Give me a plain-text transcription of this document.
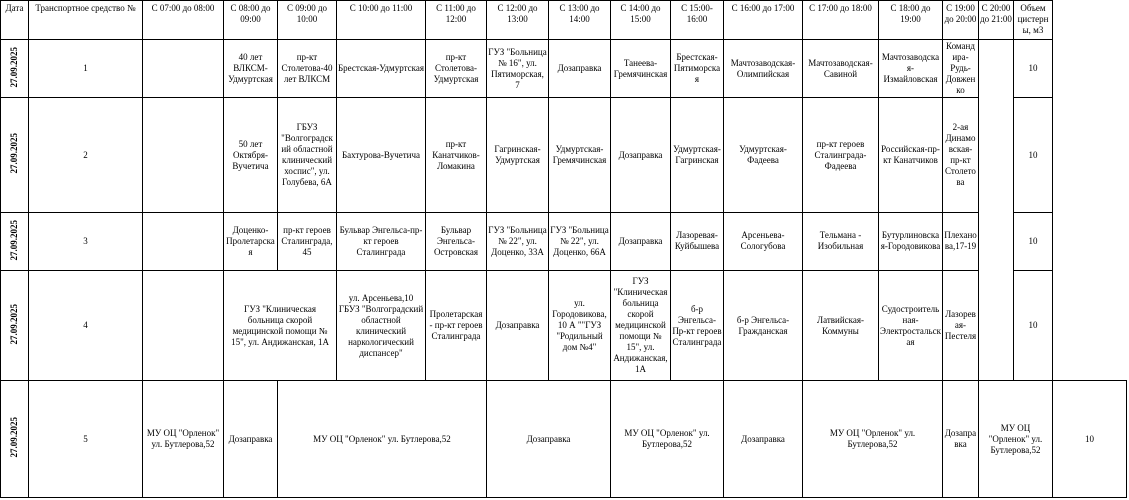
Дата	Транспортное средство №	С 07:00 до 08:00	С 08:00 до 09:00	С 09:00 до 10:00	С 10:00 до 11:00	С 11:00 до 12:00	С 12:00 до 13:00	С 13:00 до 14:00	С 14:00 до 15:00	С 15:00-16:00	С 16:00 до 17:00	С 17:00 до 18:00	С 18:00 до 19:00	С 19:00 до 20:00	С 20:00 до 21:00	Объем цистерны, м3	
27.09.2025	1		40 лет ВЛКСМ-Удмуртская	пр-кт Столетова-40 лет ВЛКСМ	Брестская-Удмуртская	пр-кт Столетова-Удмуртская	ГУЗ "Больница № 16", ул. Пятиморская, 7	Дозаправка	Танеева-Гремячинская	Брестская-Пятиморская	Мачтозаводская-Олимпийская	Мачтозаводская-Савиной	Мачтозаводская-Измайловская	Командира-Рудь-Довженко		10	
27.09.2025	2		50 лет Октября-Вучетича	ГБУЗ "Волгоградский областной клинический хоспис", ул. Голубева, 6А	Бахтурова-Вучетича	пр-кт Канатчиков-Ломакина	Гагринская-Удмуртская	Удмуртская-Гремячинская	Дозаправка	Удмуртская-Гагринская	Удмуртская-Фадеева	пр-кт героев Сталинграда-Фадеева	Российская-пр-кт Канатчиков	2-ая Динамовская-пр-кт Столетова		10	
27.09.2025	3		Доценко-Пролетарская	пр-кт героев Сталинграда, 45	Бульвар Энгельса-пр-кт героев Сталинграда	Бульвар Энгельса-Островская	ГУЗ "Больница № 22", ул. Доценко, 33А	ГУЗ "Больница № 22", ул. Доценко, 66А	Дозаправка	Лазоревая-Куйбышева	Арсеньева-Сологубова	Тельмана - Изобильная	Бутурлиновская-Городовикова	Плеханова,17-19		10	
27.09.2025	4		ГУЗ "Клиническая больница скорой медицинской помощи № 15", ул. Андижанская, 1А		ул. Арсеньева,10 ГБУЗ "Волгоградский областной клинический наркологический диспансер"	Пролетарская - пр-кт героев Сталинграда	Дозаправка	ул. Городовикова, 10 А ""ГУЗ "Родильный дом №4"	ГУЗ "Клиническая больница скорой медицинской помощи № 15", ул. Андижанская, 1А	б-р Энгельса-Пр-кт героев Сталинграда	б-р Энгельса-Гражданская	Латвийская-Коммуны	Судостроительная-Электростальская	Лазоревая-Пестеля		10	
27.09.2025	5	МУ ОЦ "Орленок" ул. Бутлерова,52	Дозаправка	МУ ОЦ "Орленок" ул. Бутлерова,52			Дозаправка		МУ ОЦ "Орленок" ул. Бутлерова,52		Дозаправка	МУ ОЦ "Орленок" ул. Бутлерова,52		Дозаправка	МУ ОЦ "Орленок" ул. Бутлерова,52		10
